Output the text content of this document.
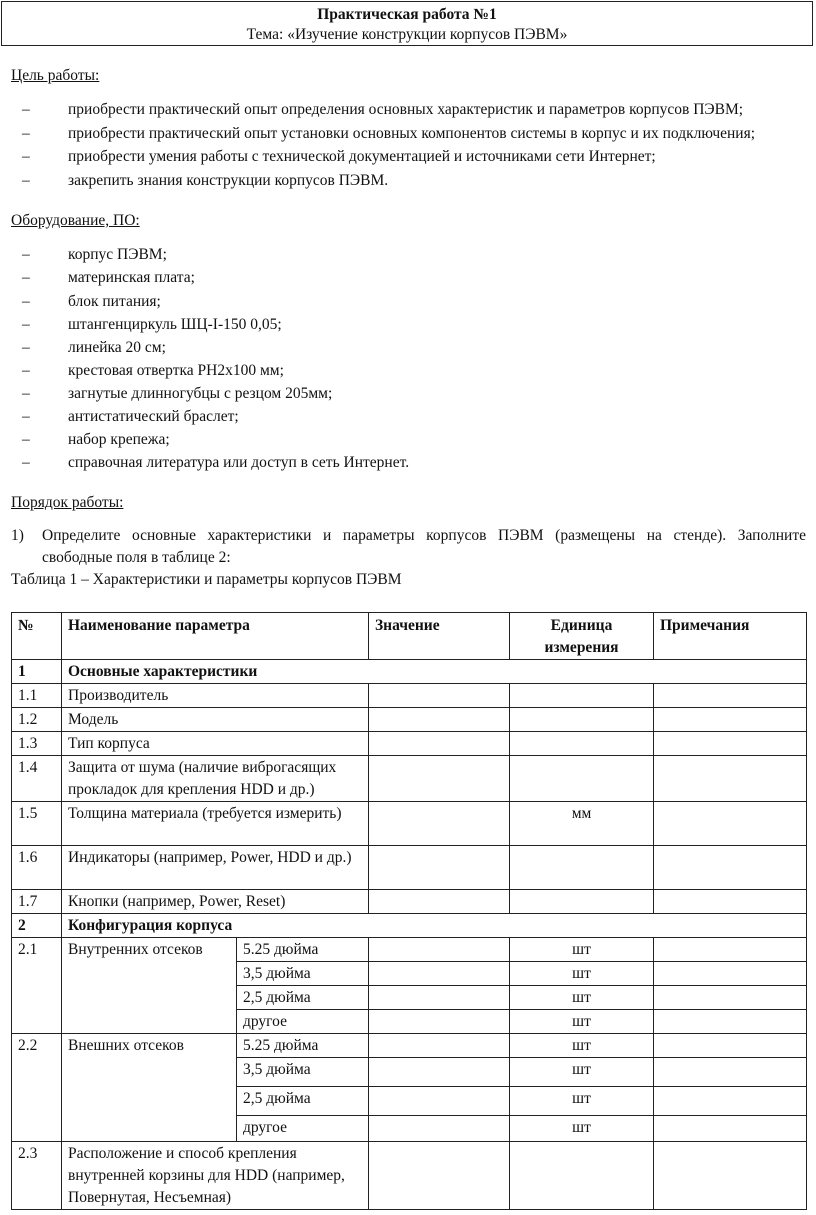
Практическая работа №1
Тема: «Изучение конструкции корпусов ПЭВМ»
Цель работы:
– приобрести практический опыт определения основных характеристик и параметров корпусов ПЭВМ;
– приобрести практический опыт установки основных компонентов системы в корпус и их подключения;
– приобрести умения работы с технической документацией и источниками сети Интернет;
– закрепить знания конструкции корпусов ПЭВМ.
Оборудование, ПО:
– корпус ПЭВМ;
– материнская плата;
– блок питания;
– штангенциркуль ШЦ-I-150 0,05;
– линейка 20 см;
– крестовая отвертка PH2x100 мм;
– загнутые длинногубцы с резцом 205мм;
– антистатический браслет;
– набор крепежа;
– справочная литература или доступ в сеть Интернет.
Порядок работы:
1) Определите основные характеристики и параметры корпусов ПЭВМ (размещены на стенде). Заполните
свободные поля в таблице 2:
Таблица 1 – Характеристики и параметры корпусов ПЭВМ
№	Наименование параметра		Значение	Единица
измерения	Примечания
1	Основные характеристики				
1.1	Производитель				
1.2	Модель				
1.3	Тип корпуса				
1.4	Защита от шума (наличие виброгасящих прокладок для крепления HDD и др.)				
1.5	Толщина материала (требуется измерить)			мм	
1.6	Индикаторы (например, Power, HDD и др.)				
1.7	Кнопки (например, Power, Reset)				
2	Конфигурация корпуса				
2.1	Внутренних отсеков	5.25 дюйма		шт	
		3,5 дюйма		шт	
		2,5 дюйма		шт	
		другое		шт	
2.2	Внешних отсеков	5.25 дюйма		шт	
		3,5 дюйма		шт	
		2,5 дюйма		шт	
		другое		шт	
2.3	Расположение и способ крепления внутренней корзины для HDD (например, Повернутая, Несъемная)				
